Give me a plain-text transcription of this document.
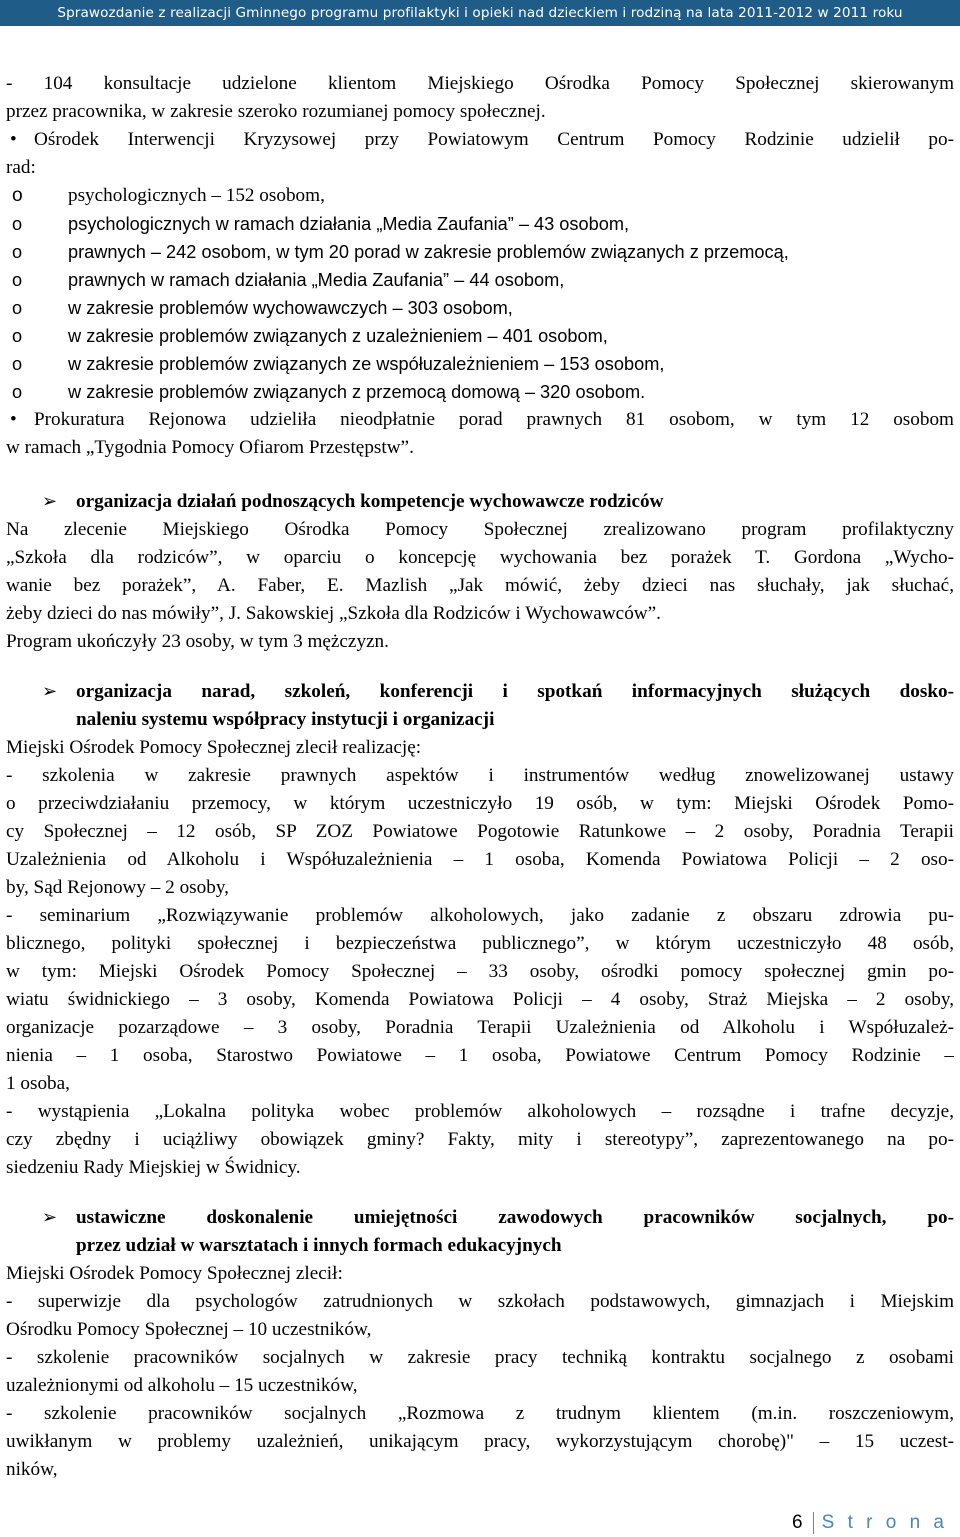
Sprawozdanie z realizacji Gminnego programu profilaktyki i opieki nad dzieckiem i rodziną na lata 2011-2012 w 2011 roku
- 104 konsultacje udzielone klientom Miejskiego Ośrodka Pomocy Społecznej skierowanym
przez pracownika, w zakresie szeroko rozumianej pomocy społecznej.
• Ośrodek Interwencji Kryzysowej przy Powiatowym Centrum Pomocy Rodzinie udzielił po-
rad:
o psychologicznych – 152 osobom,
o	psychologicznych w ramach działania „Media Zaufania” – 43 osobom,
o	prawnych – 242 osobom, w tym 20 porad w zakresie problemów związanych z przemocą,
o	prawnych w ramach działania „Media Zaufania” – 44 osobom,
o	w zakresie problemów wychowawczych – 303 osobom,
o	w zakresie problemów związanych z uzależnieniem – 401 osobom,
o	w zakresie problemów związanych ze współuzależnieniem – 153 osobom,
o	w zakresie problemów związanych z przemocą domową – 320 osobom.
• Prokuratura Rejonowa udzieliła nieodpłatnie porad prawnych 81 osobom, w tym 12 osobom
w ramach „Tygodnia Pomocy Ofiarom Przestępstw”.
➢ organizacja działań podnoszących kompetencje wychowawcze rodziców
Na zlecenie Miejskiego Ośrodka Pomocy Społecznej zrealizowano program profilaktyczny
„Szkoła dla rodziców”, w oparciu o koncepcję wychowania bez porażek T. Gordona „Wycho-
wanie bez porażek”, A. Faber, E. Mazlish „Jak mówić, żeby dzieci nas słuchały, jak słuchać,
żeby dzieci do nas mówiły”, J. Sakowskiej „Szkoła dla Rodziców i Wychowawców”.
Program ukończyły 23 osoby, w tym 3 mężczyzn.
➢ organizacja narad, szkoleń, konferencji i spotkań informacyjnych służących dosko-
naleniu systemu współpracy instytucji i organizacji
Miejski Ośrodek Pomocy Społecznej zlecił realizację:
- szkolenia w zakresie prawnych aspektów i instrumentów według znowelizowanej ustawy
o przeciwdziałaniu przemocy, w którym uczestniczyło 19 osób, w tym: Miejski Ośrodek Pomo-
cy Społecznej – 12 osób, SP ZOZ Powiatowe Pogotowie Ratunkowe – 2 osoby, Poradnia Terapii
Uzależnienia od Alkoholu i Współuzależnienia – 1 osoba, Komenda Powiatowa Policji – 2 oso-
by, Sąd Rejonowy – 2 osoby,
- seminarium „Rozwiązywanie problemów alkoholowych, jako zadanie z obszaru zdrowia pu-
blicznego, polityki społecznej i bezpieczeństwa publicznego”, w którym uczestniczyło 48 osób,
w tym: Miejski Ośrodek Pomocy Społecznej – 33 osoby, ośrodki pomocy społecznej gmin po-
wiatu świdnickiego – 3 osoby, Komenda Powiatowa Policji – 4 osoby, Straż Miejska – 2 osoby,
organizacje pozarządowe – 3 osoby, Poradnia Terapii Uzależnienia od Alkoholu i Współuzależ-
nienia – 1 osoba, Starostwo Powiatowe – 1 osoba, Powiatowe Centrum Pomocy Rodzinie –
1 osoba,
- wystąpienia „Lokalna polityka wobec problemów alkoholowych – rozsądne i trafne decyzje,
czy zbędny i uciążliwy obowiązek gminy? Fakty, mity i stereotypy”, zaprezentowanego na po-
siedzeniu Rady Miejskiej w Świdnicy.
➢ ustawiczne doskonalenie umiejętności zawodowych pracowników socjalnych, po-
przez udział w warsztatach i innych formach edukacyjnych
Miejski Ośrodek Pomocy Społecznej zlecił:
- superwizje dla psychologów zatrudnionych w szkołach podstawowych, gimnazjach i Miejskim
Ośrodku Pomocy Społecznej – 10 uczestników,
- szkolenie pracowników socjalnych w zakresie pracy techniką kontraktu socjalnego z osobami
uzależnionymi od alkoholu – 15 uczestników,
- szkolenie pracowników socjalnych „Rozmowa z trudnym klientem (m.in. roszczeniowym,
uwikłanym w problemy uzależnień, unikającym pracy, wykorzystującym chorobę)" – 15 uczest-
ników,
6 S t r o n a
